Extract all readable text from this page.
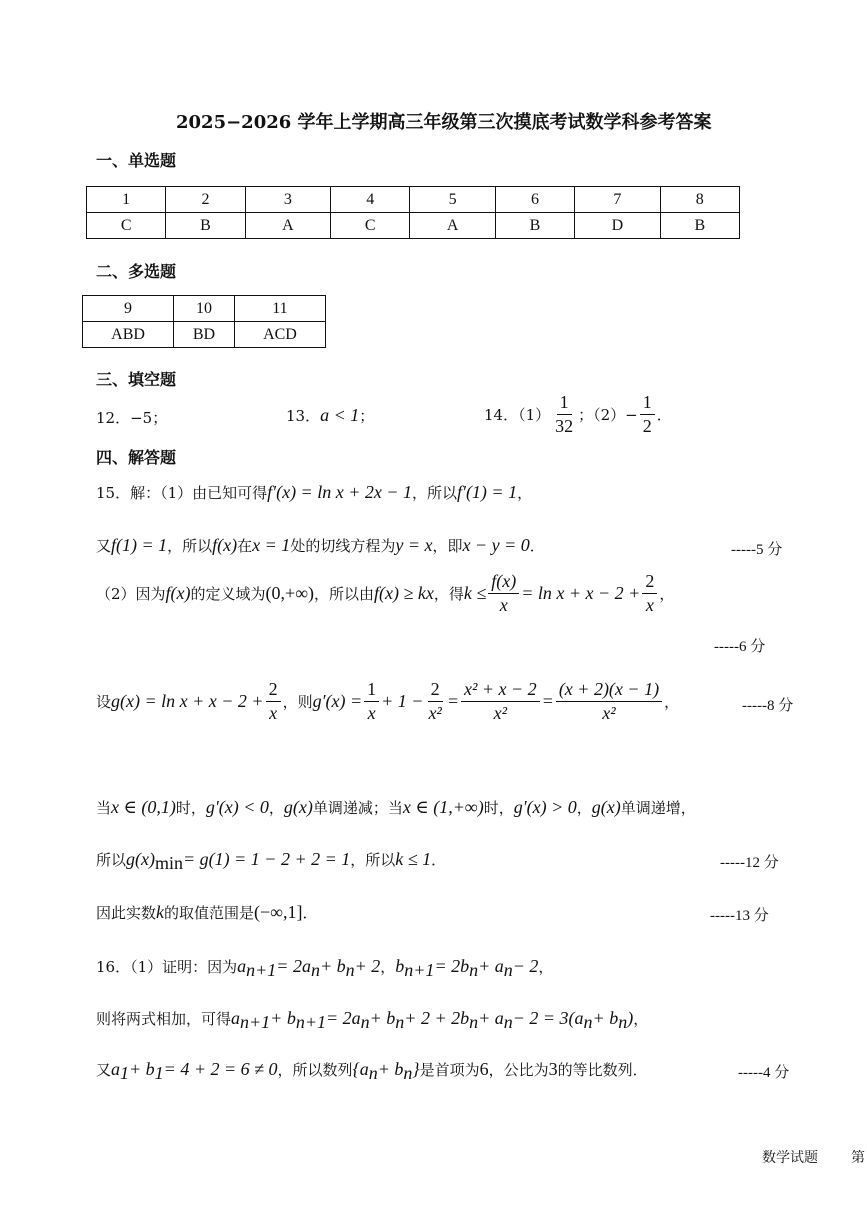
2025−2026 学年上学期高三年级第三次摸底考试数学科参考答案
一、单选题
1	2	3	4	5	6	7	8
C	B	A	C	A	B	D	B
二、多选题
9	10	11
ABD	BD	ACD
三、填空题
12．−5；	13．a < 1；	14．$(1) \frac{1}{32}$ ；$(2)- \frac{1}{2}$ ．
四、解答题
15．解：（1）由已知可得f′(x) = ln x + 2x − 1，所以f′(1) = 1，
又f(1) = 1，所以f(x)在x = 1处的切线方程为y = x，即x − y = 0．	-----5 分
（2）因为 f(x) 的定义域为 (0,+∞) ，所以由 f(x) ≥ kx ，得 $k \le \frac{f(x)}{x} = \ln x + x - 2 + \frac{2}{x}$ ，
-----6 分
设 $g(x) = \ln x + x - 2 + \frac{2}{x}$ ，则 $g'(x) = \frac{1}{x} + 1 - \frac{2}{\text{x²}} = \frac{\text{x² + x − 2}}{\text{x²}} = \frac{(x + 2)(x - 1)}{\text{x²}}$ ，	-----8 分
当x ∈ (0,1)时，g′(x) < 0，g(x)单调递减；当x ∈ (1,+∞)时，g′(x) > 0，g(x)单调递增，
所以$g(x)_{min}= g(1) = 1 - 2 + 2 = 1$，所以k ≤ 1．	-----12 分
因此实数k的取值范围是(−∞,1]．	-----13 分
16．（1）证明：因为$a_{n+1}= 2a_n+ b_n+ 2$，$b_{n+1}= 2b_n+ a_n- 2$，
则将两式相加，可得$a_{n+1}+ b_{n+1}= 2a_n+ b_n+ 2 + 2b_n+ a_n- 2 = 3(a_n+ b_n)$，
又$a_1+ b_1= 4 + 2 = 6 \ne 0$，所以数列$\{a_n+ b_n\}$是首项为6，公比为3的等比数列．	-----4 分
数学试题 第
